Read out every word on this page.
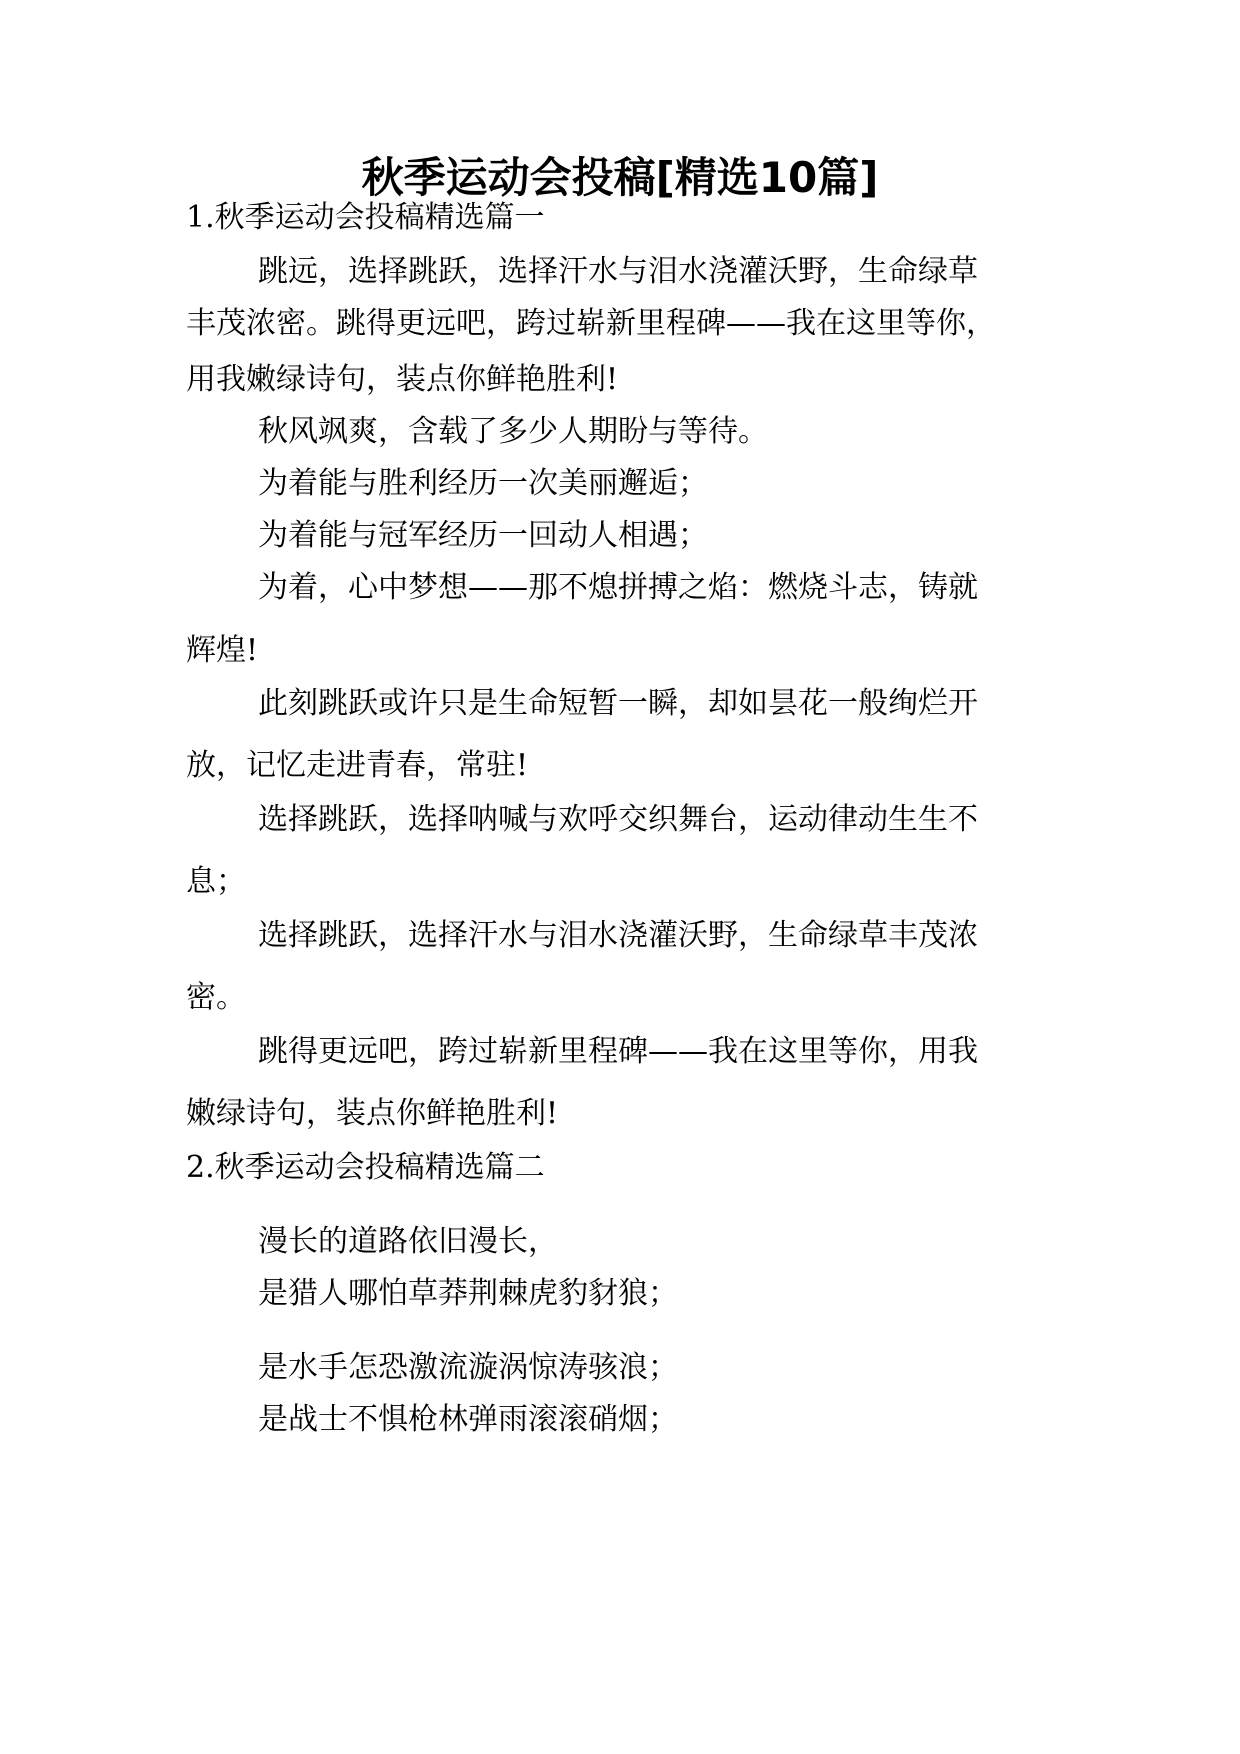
秋季运动会投稿[精选10篇]
1.秋季运动会投稿精选篇一
跳远，选择跳跃，选择汗水与泪水浇灌沃野，生命绿草
丰茂浓密。跳得更远吧，跨过崭新里程碑——我在这里等你，
用我嫩绿诗句，装点你鲜艳胜利!
秋风飒爽，含载了多少人期盼与等待。
为着能与胜利经历一次美丽邂逅；
为着能与冠军经历一回动人相遇；
为着，心中梦想——那不熄拼搏之焰：燃烧斗志，铸就
辉煌!
此刻跳跃或许只是生命短暂一瞬，却如昙花一般绚烂开
放，记忆走进青春，常驻!
选择跳跃，选择呐喊与欢呼交织舞台，运动律动生生不
息；
选择跳跃，选择汗水与泪水浇灌沃野，生命绿草丰茂浓
密。
跳得更远吧，跨过崭新里程碑——我在这里等你，用我
嫩绿诗句，装点你鲜艳胜利!
2.秋季运动会投稿精选篇二
漫长的道路依旧漫长，
是猎人哪怕草莽荆棘虎豹豺狼；
是水手怎恐激流漩涡惊涛骇浪；
是战士不惧枪林弹雨滚滚硝烟；
